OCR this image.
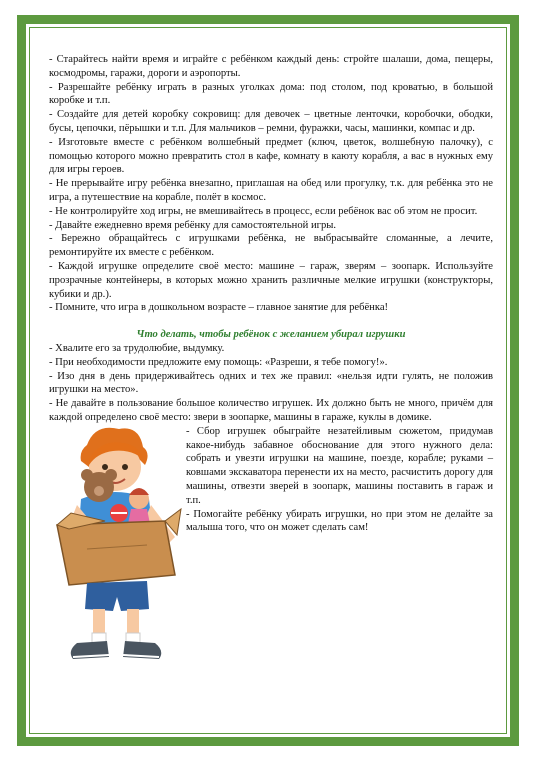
- Старайтесь найти время и играйте с ребёнком каждый день: стройте шалаши, дома, пещеры, космодромы, гаражи, дороги и аэропорты.

- Разрешайте ребёнку играть в разных уголках дома: под столом, под кроватью, в большой коробке и т.п.

- Создайте для детей коробку сокровищ: для девочек – цветные ленточки, коробочки, ободки, бусы, цепочки, пёрышки и т.п. Для мальчиков – ремни, фуражки, часы, машинки, компас и др.

- Изготовьте вместе с ребёнком волшебный предмет (ключ, цветок, волшебную палочку), с помощью которого можно превратить стол в кафе, комнату в каюту корабля, а вас в нужных ему для игры героев.

- Не прерывайте игру ребёнка внезапно, приглашая на обед или прогулку, т.к. для ребёнка это не игра, а путешествие на корабле, полёт в космос.

- Не контролируйте ход игры, не вмешивайтесь в процесс, если ребёнок вас об этом не просит.

- Давайте ежедневно время ребёнку для самостоятельной игры.

- Бережно обращайтесь с игрушками ребёнка, не выбрасывайте сломанные, а лечите, ремонтируйте их вместе с ребёнком.

- Каждой игрушке определите своё место: машине – гараж, зверям – зоопарк. Используйте прозрачные контейнеры, в которых можно хранить различные мелкие игрушки (конструкторы, кубики и др.).

- Помните, что игра в дошкольном возрасте – главное занятие для ребёнка!

Что делать, чтобы ребёнок с желанием убирал игрушки

- Хвалите его за трудолюбие, выдумку.

- При необходимости предложите ему помощь: «Разреши, я тебе помогу!».

- Изо дня в день придерживайтесь одних и тех же правил: «нельзя идти гулять, не положив игрушки на место».

- Не давайте в пользование большое количество игрушек. Их должно быть не много, причём для каждой определено своё место: звери в зоопарке, машины в гараже, куклы в домике.

- Сбор игрушек обыграйте незатейливым сюжетом, придумав какое-нибудь забавное обоснование для этого нужного дела: собрать и увезти игрушки на машине, поезде, корабле; руками – ковшами экскаватора перенести их на место, расчистить дорогу для машины, отвезти зверей в зоопарк, машины поставить в гараж и т.п.

- Помогайте ребёнку убирать игрушки, но при этом не делайте за малыша того, что он может сделать сам!
